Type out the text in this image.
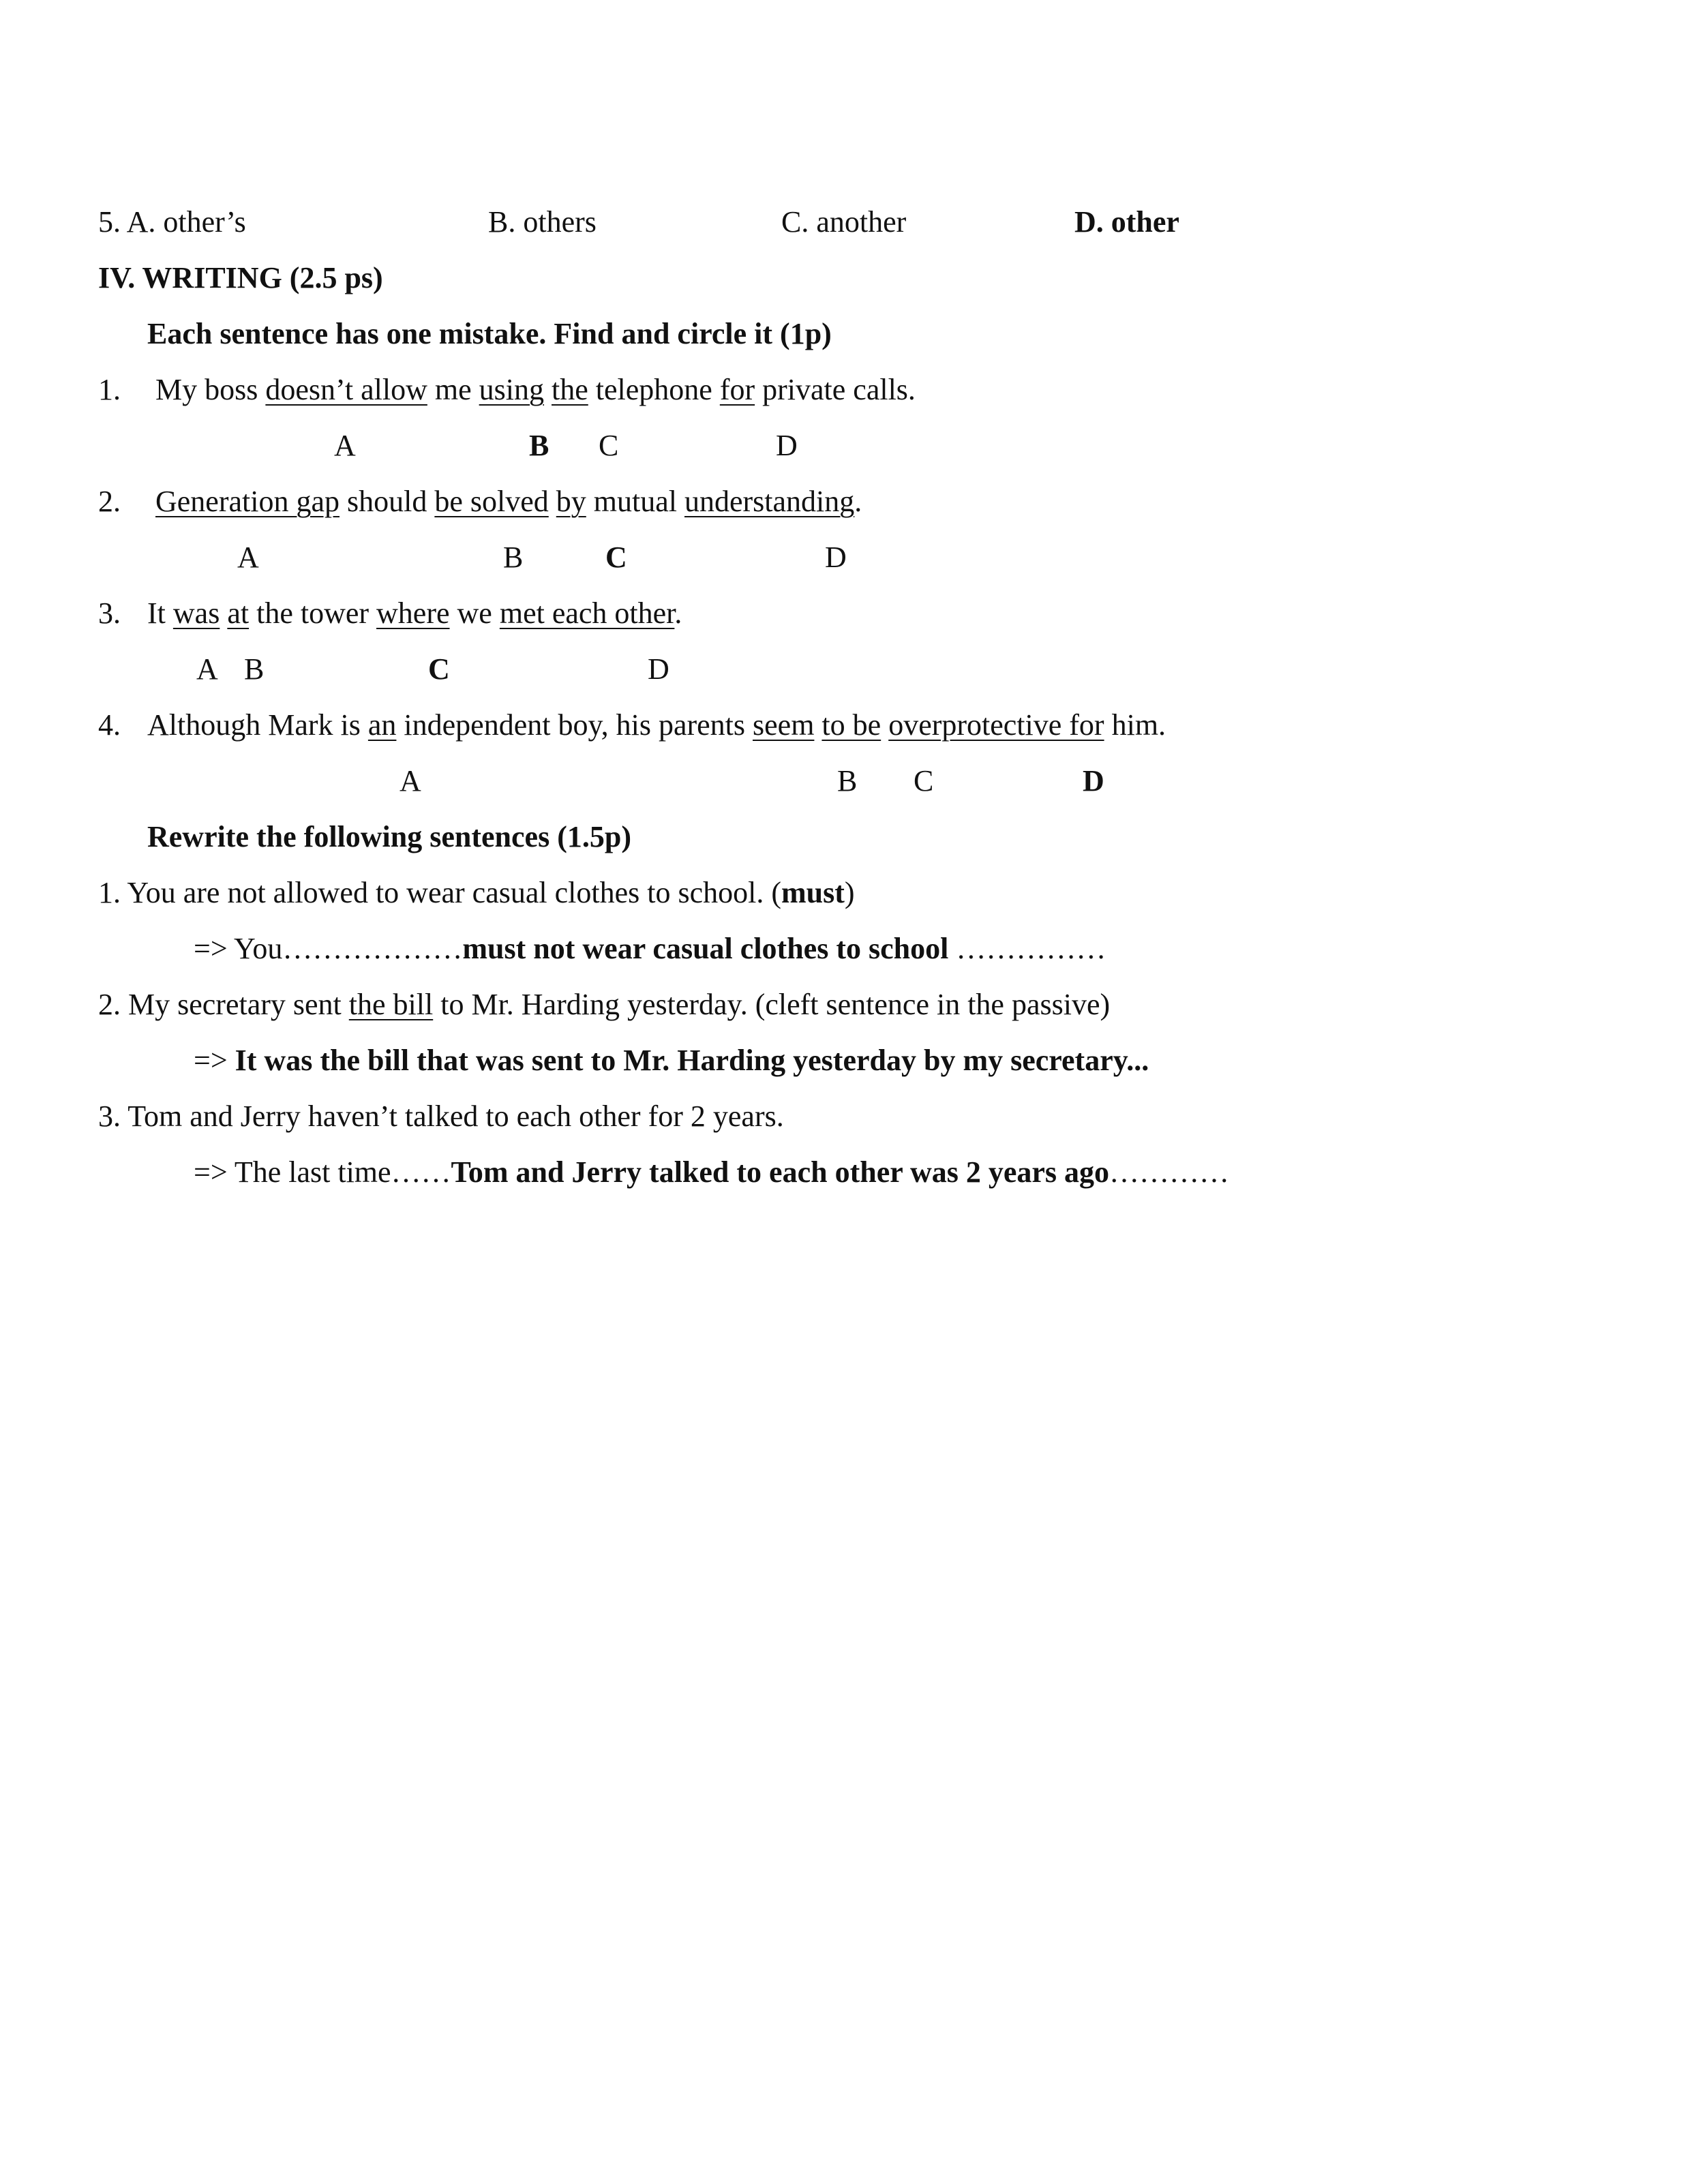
5. A. other’s	B. others	C. another	D. other
IV. WRITING (2.5 ps)
Each sentence has one mistake. Find and circle it (1p)
1. My boss doesn’t allow me using the telephone for private calls.
A	B C	D
2. Generation gap should be solved by mutual understanding.
A	B	C	D
3. It was at the tower where we met each other.
A B	C	D
4. Although Mark is an independent boy, his parents seem to be overprotective for him.
A	B C	D
Rewrite the following sentences (1.5p)
1. You are not allowed to wear casual clothes to school. (must)
=> You………………must not wear casual clothes to school ……………
2. My secretary sent the bill to Mr. Harding yesterday. (cleft sentence in the passive)
=> It was the bill that was sent to Mr. Harding yesterday by my secretary...
3. Tom and Jerry haven’t talked to each other for 2 years.
=> The last time……Tom and Jerry talked to each other was 2 years ago…………
